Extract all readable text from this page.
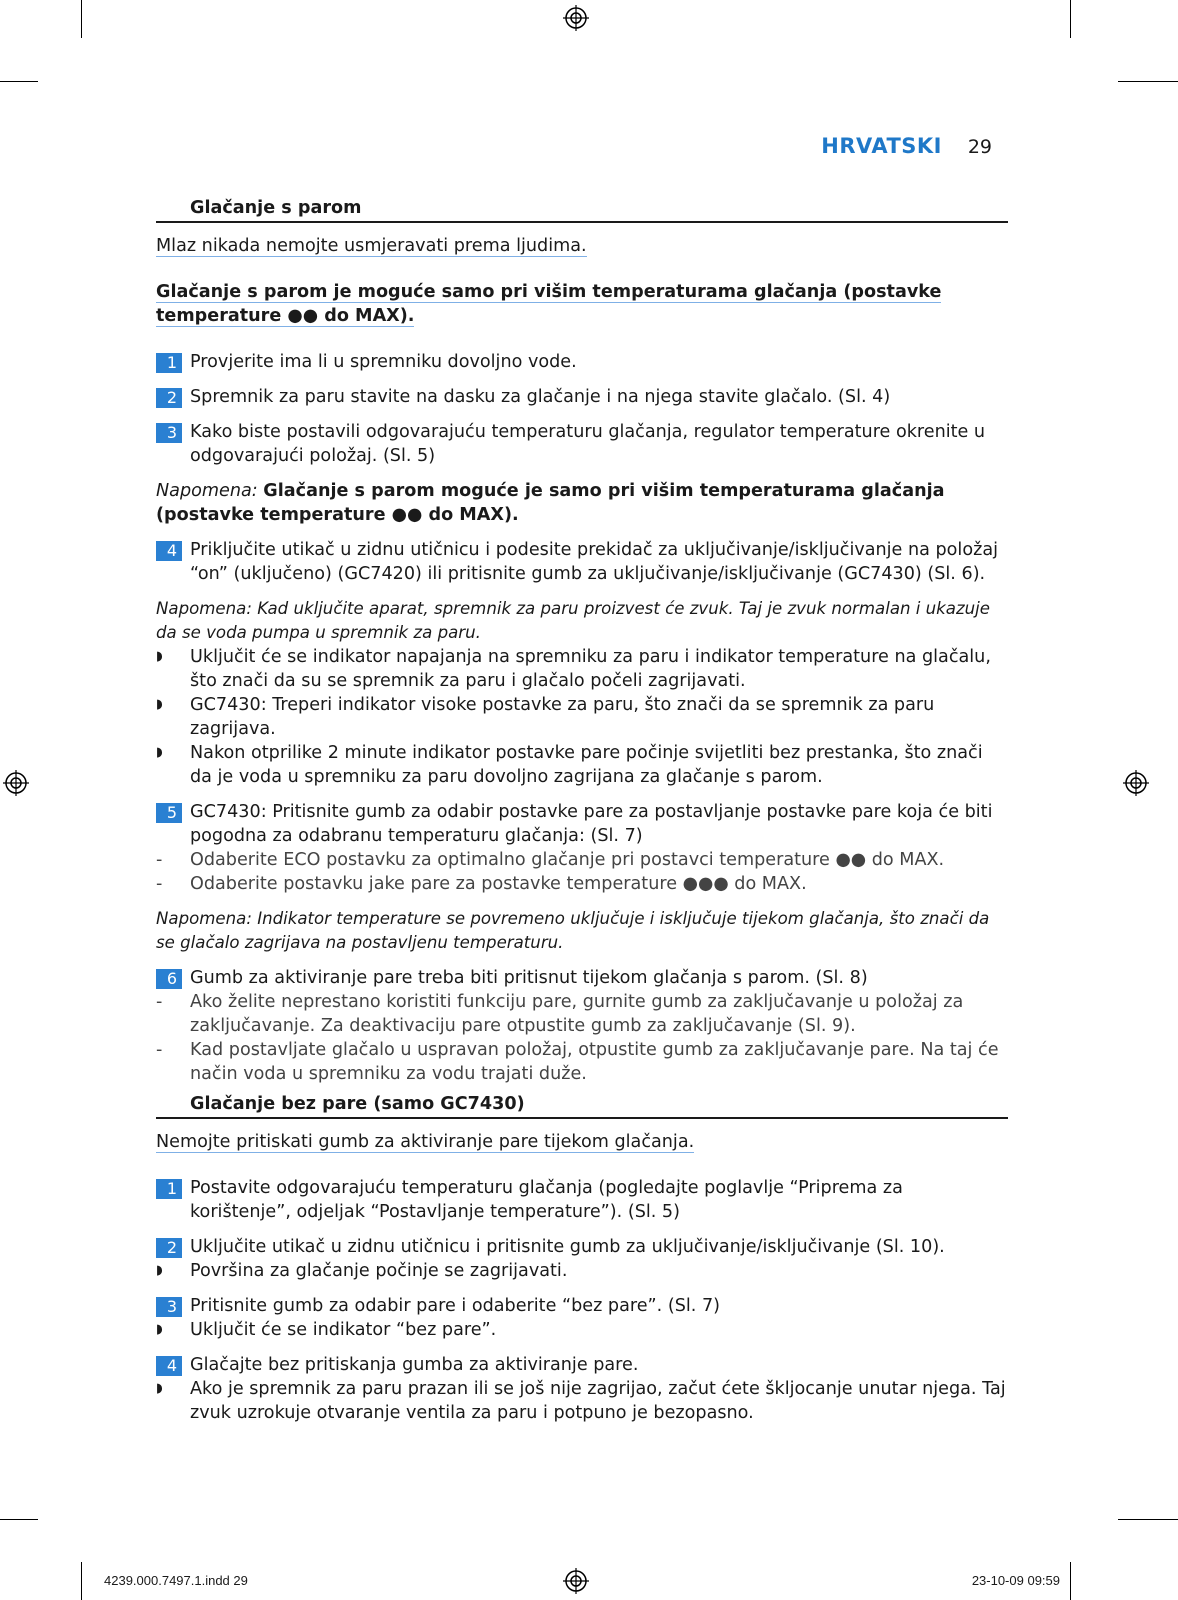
HRVATSKI 29
Glačanje s parom
Mlaz nikada nemojte usmjeravati prema ljudima.
Glačanje s parom je moguće samo pri višim temperaturama glačanja (postavke
temperature ●● do MAX).
1 Provjerite ima li u spremniku dovoljno vode.
2 Spremnik za paru stavite na dasku za glačanje i na njega stavite glačalo. (Sl. 4)
3 Kako biste postavili odgovarajuću temperaturu glačanja, regulator temperature okrenite u odgovarajući položaj. (Sl. 5)
Napomena: Glačanje s parom moguće je samo pri višim temperaturama glačanja (postavke temperature ●● do MAX).
4 Priključite utikač u zidnu utičnicu i podesite prekidač za uključivanje/isključivanje na položaj “on” (uključeno) (GC7420) ili pritisnite gumb za uključivanje/isključivanje (GC7430) (Sl. 6).
Napomena: Kad uključite aparat, spremnik za paru proizvest će zvuk. Taj je zvuk normalan i ukazuje da se voda pumpa u spremnik za paru.
◗ Uključit će se indikator napajanja na spremniku za paru i indikator temperature na glačalu, što znači da su se spremnik za paru i glačalo počeli zagrijavati.
◗ GC7430: Treperi indikator visoke postavke za paru, što znači da se spremnik za paru zagrijava.
◗ Nakon otprilike 2 minute indikator postavke pare počinje svijetliti bez prestanka, što znači da je voda u spremniku za paru dovoljno zagrijana za glačanje s parom.
5 GC7430: Pritisnite gumb za odabir postavke pare za postavljanje postavke pare koja će biti pogodna za odabranu temperaturu glačanja: (Sl. 7)
- Odaberite ECO postavku za optimalno glačanje pri postavci temperature ●● do MAX.
- Odaberite postavku jake pare za postavke temperature ●●● do MAX.
Napomena: Indikator temperature se povremeno uključuje i isključuje tijekom glačanja, što znači da se glačalo zagrijava na postavljenu temperaturu.
6 Gumb za aktiviranje pare treba biti pritisnut tijekom glačanja s parom. (Sl. 8)
- Ako želite neprestano koristiti funkciju pare, gurnite gumb za zaključavanje u položaj za zaključavanje. Za deaktivaciju pare otpustite gumb za zaključavanje (Sl. 9).
- Kad postavljate glačalo u uspravan položaj, otpustite gumb za zaključavanje pare. Na taj će način voda u spremniku za vodu trajati duže.
Glačanje bez pare (samo GC7430)
Nemojte pritiskati gumb za aktiviranje pare tijekom glačanja.
1 Postavite odgovarajuću temperaturu glačanja (pogledajte poglavlje “Priprema za korištenje”, odjeljak “Postavljanje temperature”). (Sl. 5)
2 Uključite utikač u zidnu utičnicu i pritisnite gumb za uključivanje/isključivanje (Sl. 10).
◗ Površina za glačanje počinje se zagrijavati.
3 Pritisnite gumb za odabir pare i odaberite “bez pare”. (Sl. 7)
◗ Uključit će se indikator “bez pare”.
4 Glačajte bez pritiskanja gumba za aktiviranje pare.
◗ Ako je spremnik za paru prazan ili se još nije zagrijao, začut ćete škljocanje unutar njega. Taj zvuk uzrokuje otvaranje ventila za paru i potpuno je bezopasno.
4239.000.7497.1.indd 29	23-10-09 09:59
